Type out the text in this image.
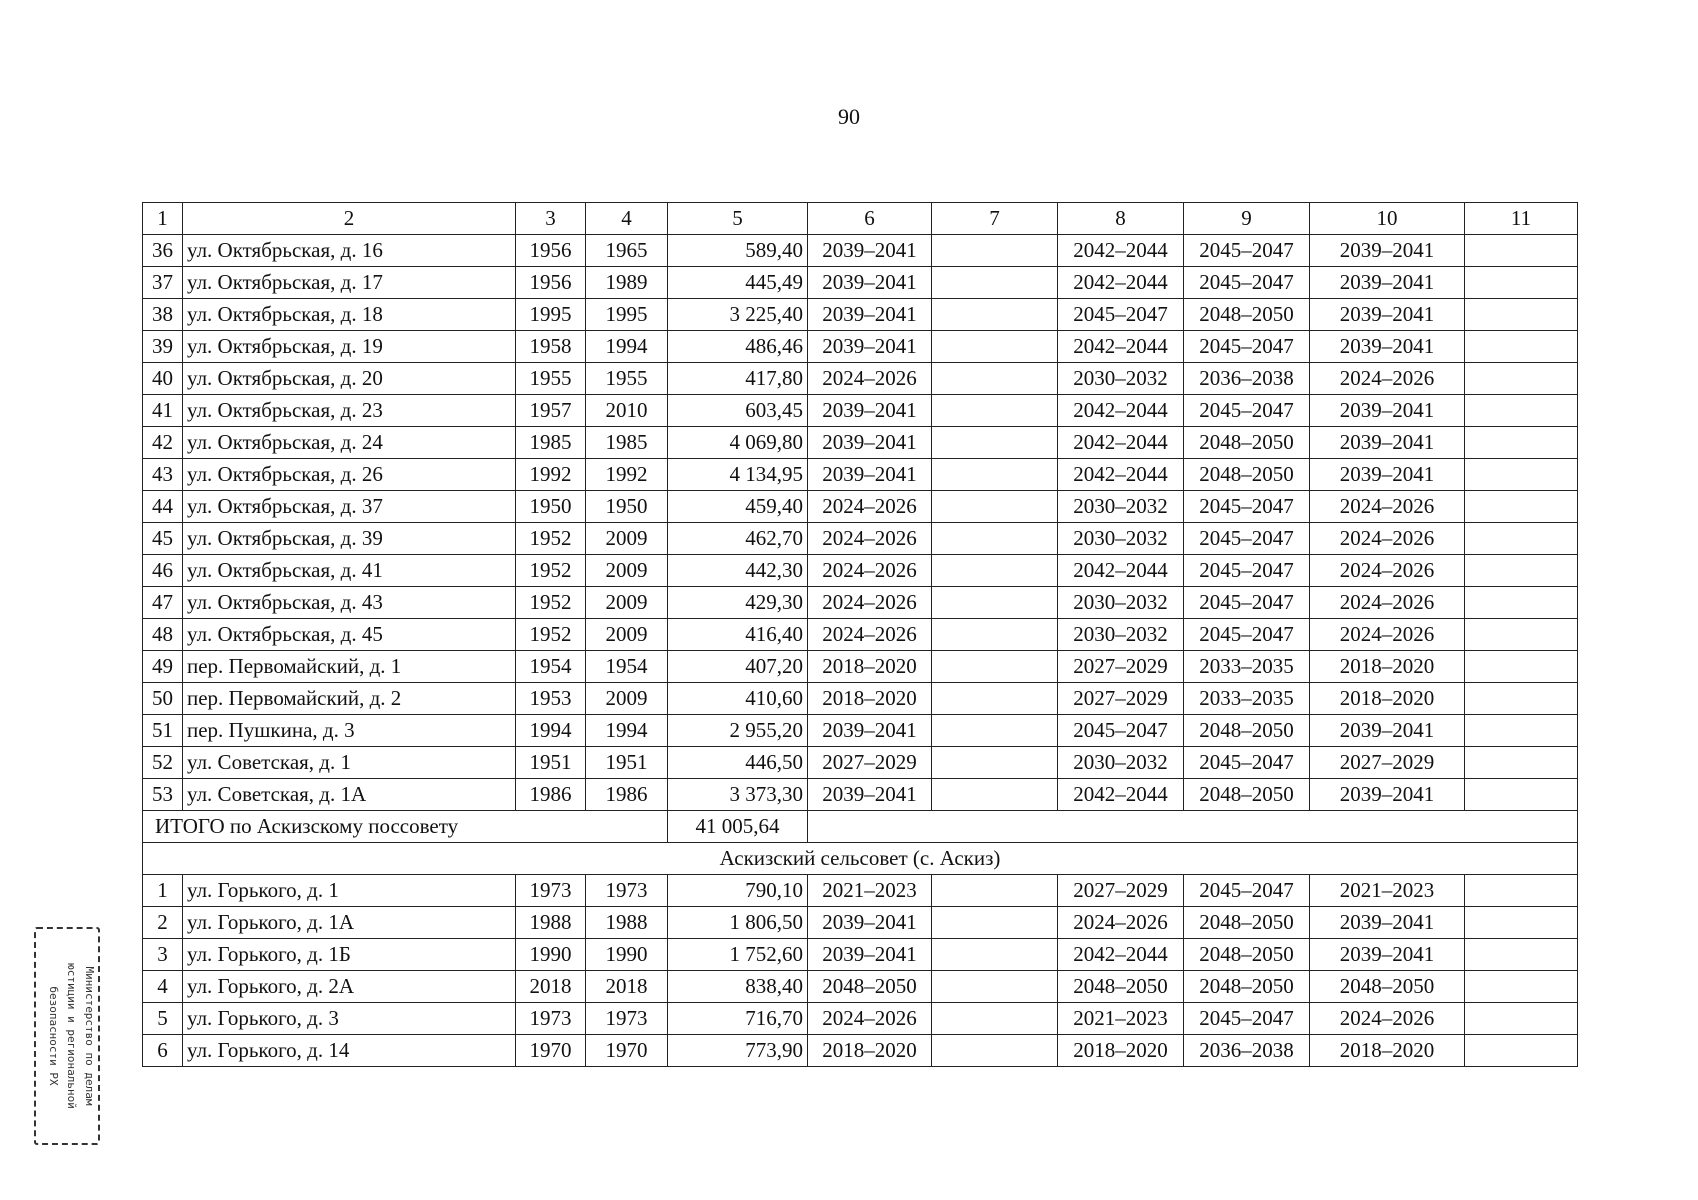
90
1	2	3	4	5	6	7	8	9	10	11
36	ул. Октябрьская, д. 16	1956	1965	589,40	2039–2041		2042–2044	2045–2047	2039–2041	
37	ул. Октябрьская, д. 17	1956	1989	445,49	2039–2041		2042–2044	2045–2047	2039–2041	
38	ул. Октябрьская, д. 18	1995	1995	3 225,40	2039–2041		2045–2047	2048–2050	2039–2041	
39	ул. Октябрьская, д. 19	1958	1994	486,46	2039–2041		2042–2044	2045–2047	2039–2041	
40	ул. Октябрьская, д. 20	1955	1955	417,80	2024–2026		2030–2032	2036–2038	2024–2026	
41	ул. Октябрьская, д. 23	1957	2010	603,45	2039–2041		2042–2044	2045–2047	2039–2041	
42	ул. Октябрьская, д. 24	1985	1985	4 069,80	2039–2041		2042–2044	2048–2050	2039–2041	
43	ул. Октябрьская, д. 26	1992	1992	4 134,95	2039–2041		2042–2044	2048–2050	2039–2041	
44	ул. Октябрьская, д. 37	1950	1950	459,40	2024–2026		2030–2032	2045–2047	2024–2026	
45	ул. Октябрьская, д. 39	1952	2009	462,70	2024–2026		2030–2032	2045–2047	2024–2026	
46	ул. Октябрьская, д. 41	1952	2009	442,30	2024–2026		2042–2044	2045–2047	2024–2026	
47	ул. Октябрьская, д. 43	1952	2009	429,30	2024–2026		2030–2032	2045–2047	2024–2026	
48	ул. Октябрьская, д. 45	1952	2009	416,40	2024–2026		2030–2032	2045–2047	2024–2026	
49	пер. Первомайский, д. 1	1954	1954	407,20	2018–2020		2027–2029	2033–2035	2018–2020	
50	пер. Первомайский, д. 2	1953	2009	410,60	2018–2020		2027–2029	2033–2035	2018–2020	
51	пер. Пушкина, д. 3	1994	1994	2 955,20	2039–2041		2045–2047	2048–2050	2039–2041	
52	ул. Советская, д. 1	1951	1951	446,50	2027–2029		2030–2032	2045–2047	2027–2029	
53	ул. Советская, д. 1А	1986	1986	3 373,30	2039–2041		2042–2044	2048–2050	2039–2041	
ИТОГО по Аскизскому поссовету				41 005,64						
Аскизский сельсовет (с. Аскиз)										
1	ул. Горького, д. 1	1973	1973	790,10	2021–2023		2027–2029	2045–2047	2021–2023	
2	ул. Горького, д. 1А	1988	1988	1 806,50	2039–2041		2024–2026	2048–2050	2039–2041	
3	ул. Горького, д. 1Б	1990	1990	1 752,60	2039–2041		2042–2044	2048–2050	2039–2041	
4	ул. Горького, д. 2А	2018	2018	838,40	2048–2050		2048–2050	2048–2050	2048–2050	
5	ул. Горького, д. 3	1973	1973	716,70	2024–2026		2021–2023	2045–2047	2024–2026	
6	ул. Горького, д. 14	1970	1970	773,90	2018–2020		2018–2020	2036–2038	2018–2020	
Министерство по делам
юстиции и региональной
безопасности РХ
